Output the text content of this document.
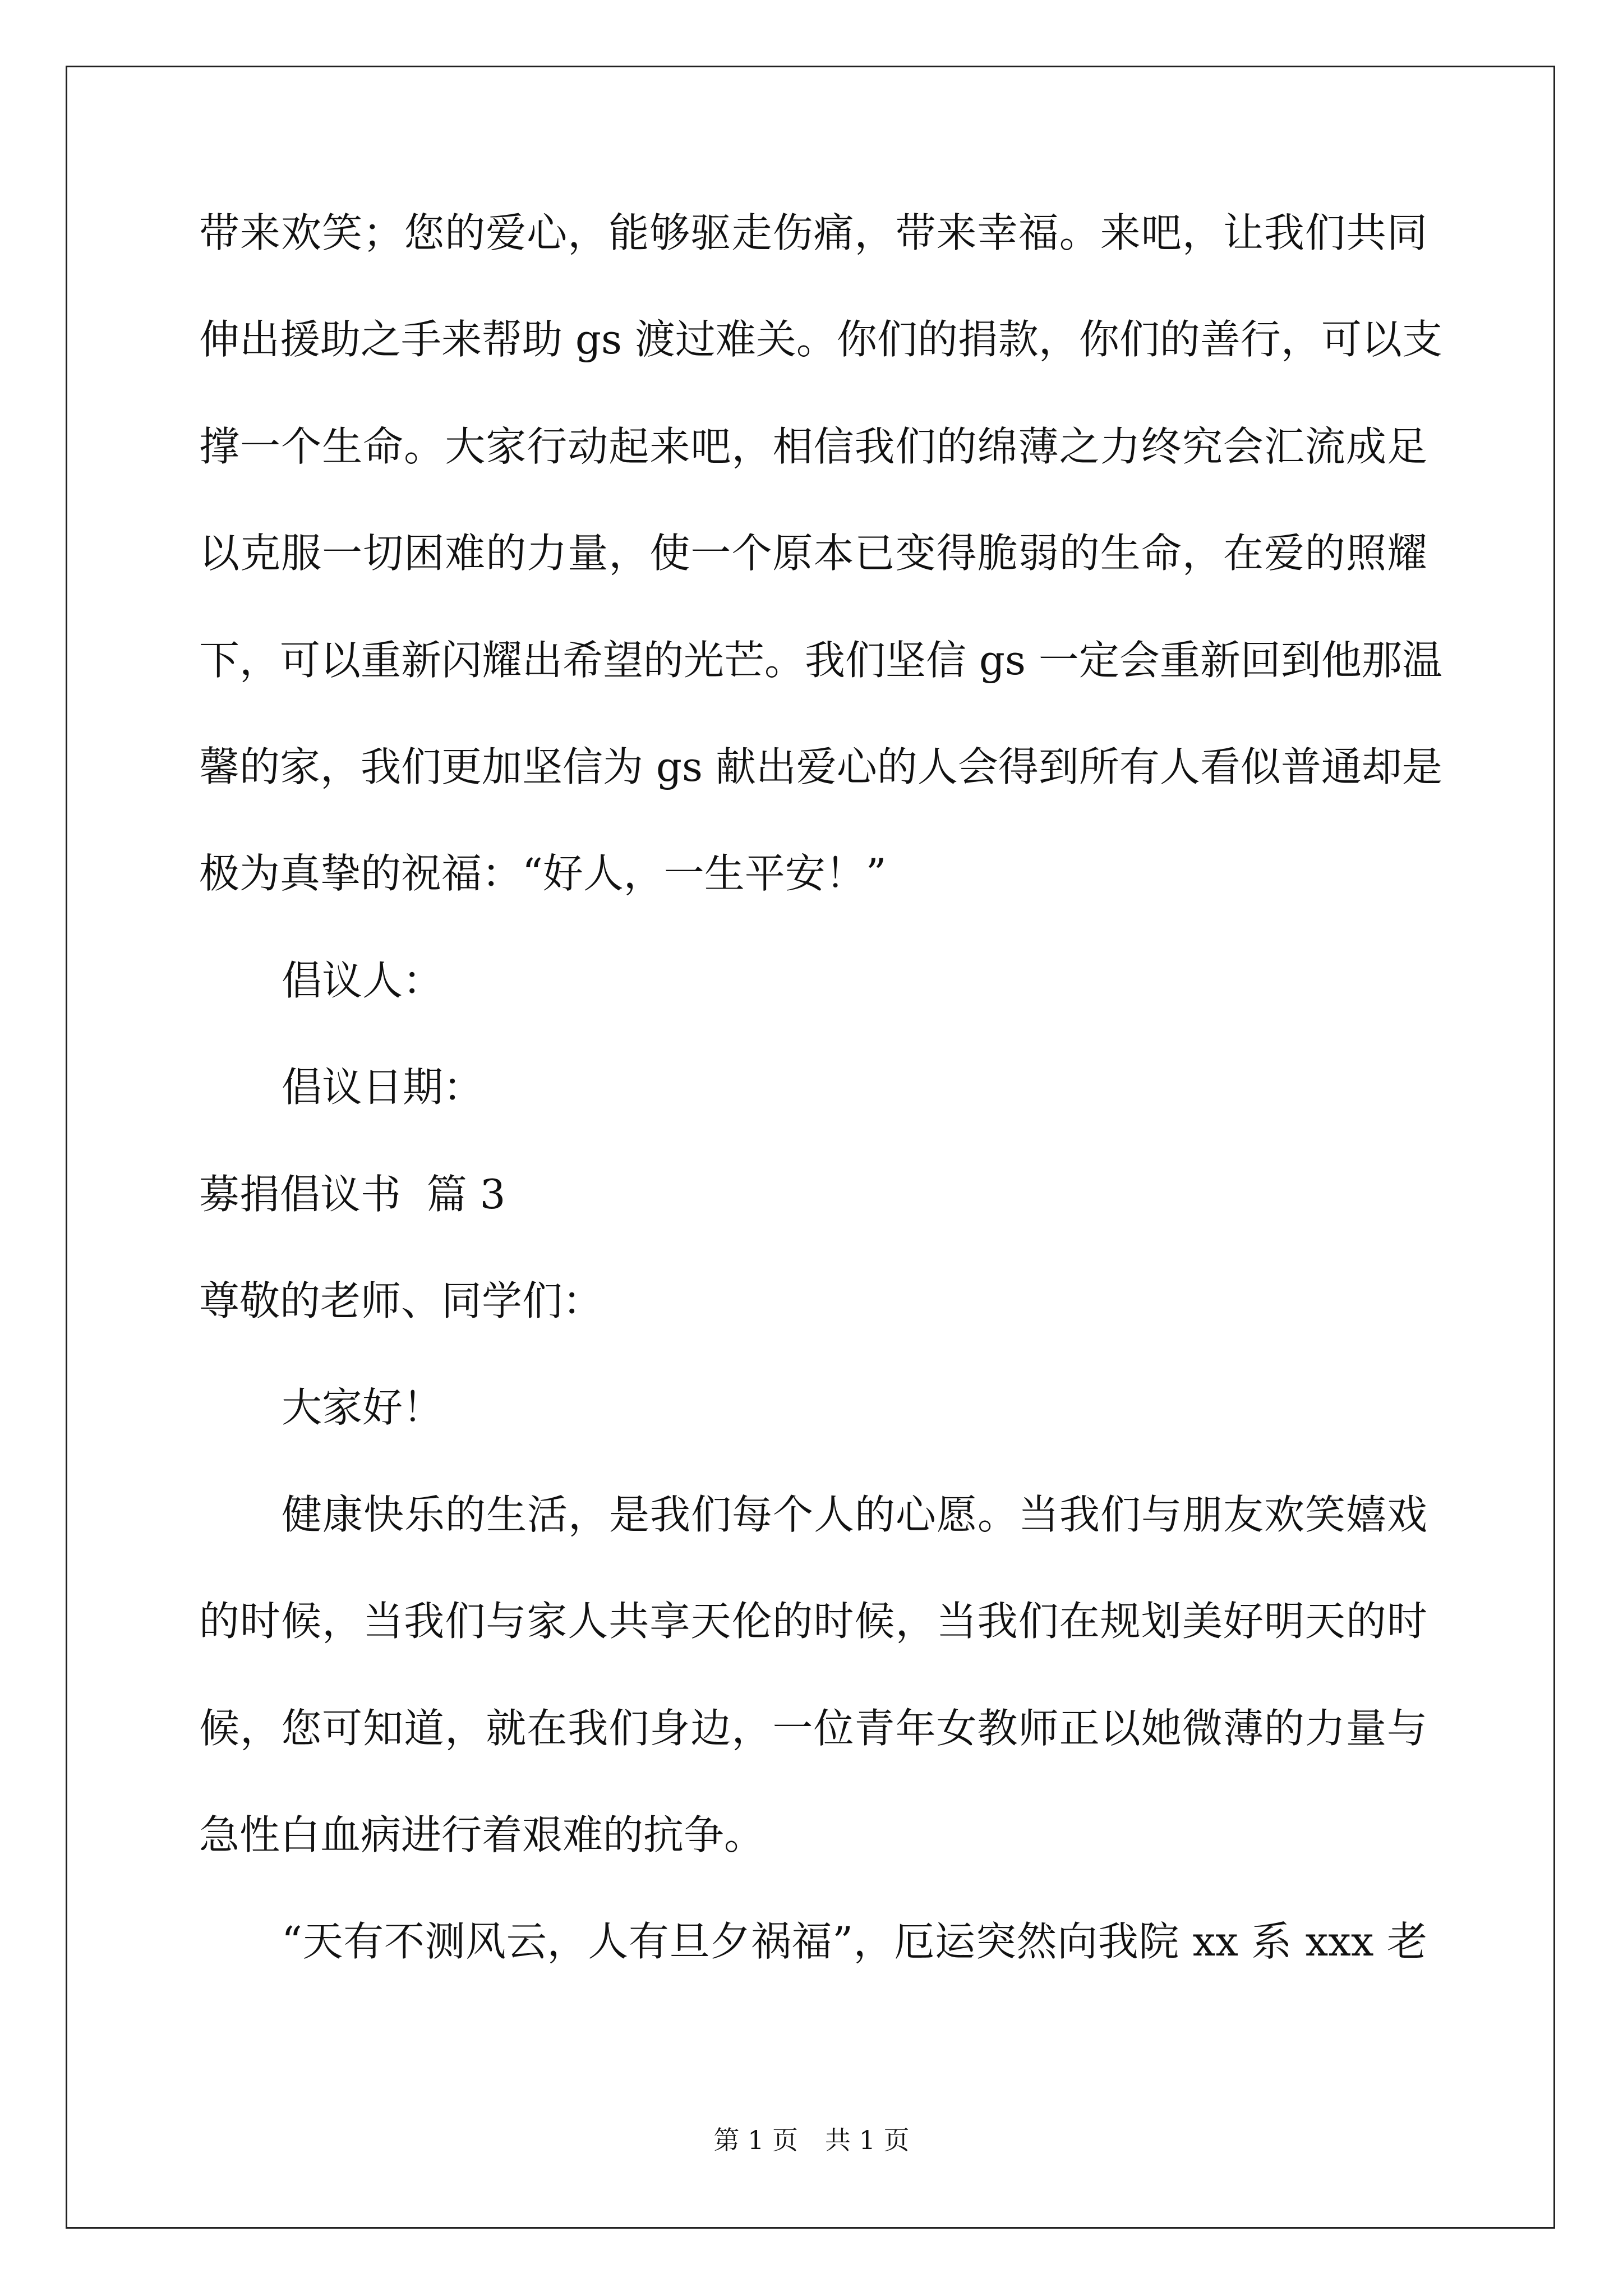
带来欢笑；您的爱心，能够驱走伤痛，带来幸福。来吧，让我们共同
伸出援助之手来帮助 gs 渡过难关。你们的捐款，你们的善行，可以支
撑一个生命。大家行动起来吧，相信我们的绵薄之力终究会汇流成足
以克服一切困难的力量，使一个原本已变得脆弱的生命，在爱的照耀
下，可以重新闪耀出希望的光芒。我们坚信 gs 一定会重新回到他那温
馨的家，我们更加坚信为 gs 献出爱心的人会得到所有人看似普通却是
极为真挚的祝福：“好人，一生平安！”
倡议人：
倡议日期：
募捐倡议书  篇 3
尊敬的老师、同学们：
大家好！
健康快乐的生活，是我们每个人的心愿。当我们与朋友欢笑嬉戏
的时候，当我们与家人共享天伦的时候，当我们在规划美好明天的时
候，您可知道，就在我们身边，一位青年女教师正以她微薄的力量与
急性白血病进行着艰难的抗争。
“天有不测风云，人有旦夕祸福”，厄运突然向我院 xx 系 xxx 老
第 1 页 共 1 页
